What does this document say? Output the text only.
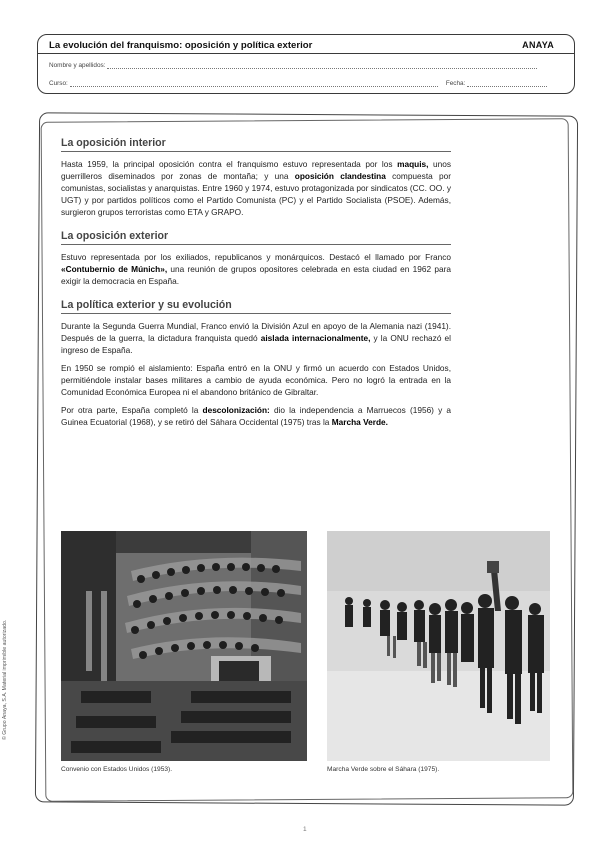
La evolución del franquismo: oposición y política exterior	ANAYA
Nombre y apellidos:
Curso:	Fecha:
La oposición interior

Hasta 1959, la principal oposición contra el franquismo estuvo representada por los maquis, unos guerrilleros diseminados por zonas de montaña; y una oposición clandestina compuesta por comunistas, socialistas y anarquistas. Entre 1960 y 1974, estuvo protagonizada por sindicatos (CC. OO. y UGT) y por partidos políticos como el Partido Comunista (PC) y el Partido Socialista (PSOE). Además, surgieron grupos terroristas como ETA y GRAPO.

La oposición exterior

Estuvo representada por los exiliados, republicanos y monárquicos. Destacó el llamado por Franco «Contubernio de Múnich», una reunión de grupos opositores celebrada en esta ciudad en 1962 para exigir la democracia en España.

La política exterior y su evolución

Durante la Segunda Guerra Mundial, Franco envió la División Azul en apoyo de la Alemania nazi (1941). Después de la guerra, la dictadura franquista quedó aislada internacionalmente, y la ONU rechazó el ingreso de España.

En 1950 se rompió el aislamiento: España entró en la ONU y firmó un acuerdo con Estados Unidos, permitiéndole instalar bases militares a cambio de ayuda económica. Pero no logró la entrada en la Comunidad Económica Europea ni el abandono británico de Gibraltar.

Por otra parte, España completó la descolonización: dio la independencia a Marruecos (1956) y a Guinea Ecuatorial (1968), y se retiró del Sáhara Occidental (1975) tras la Marcha Verde.

Convenio con Estados Unidos (1953).	Marcha Verde sobre el Sáhara (1975).
© Grupo Anaya, S.A. Material imprimible autorizado.
1
